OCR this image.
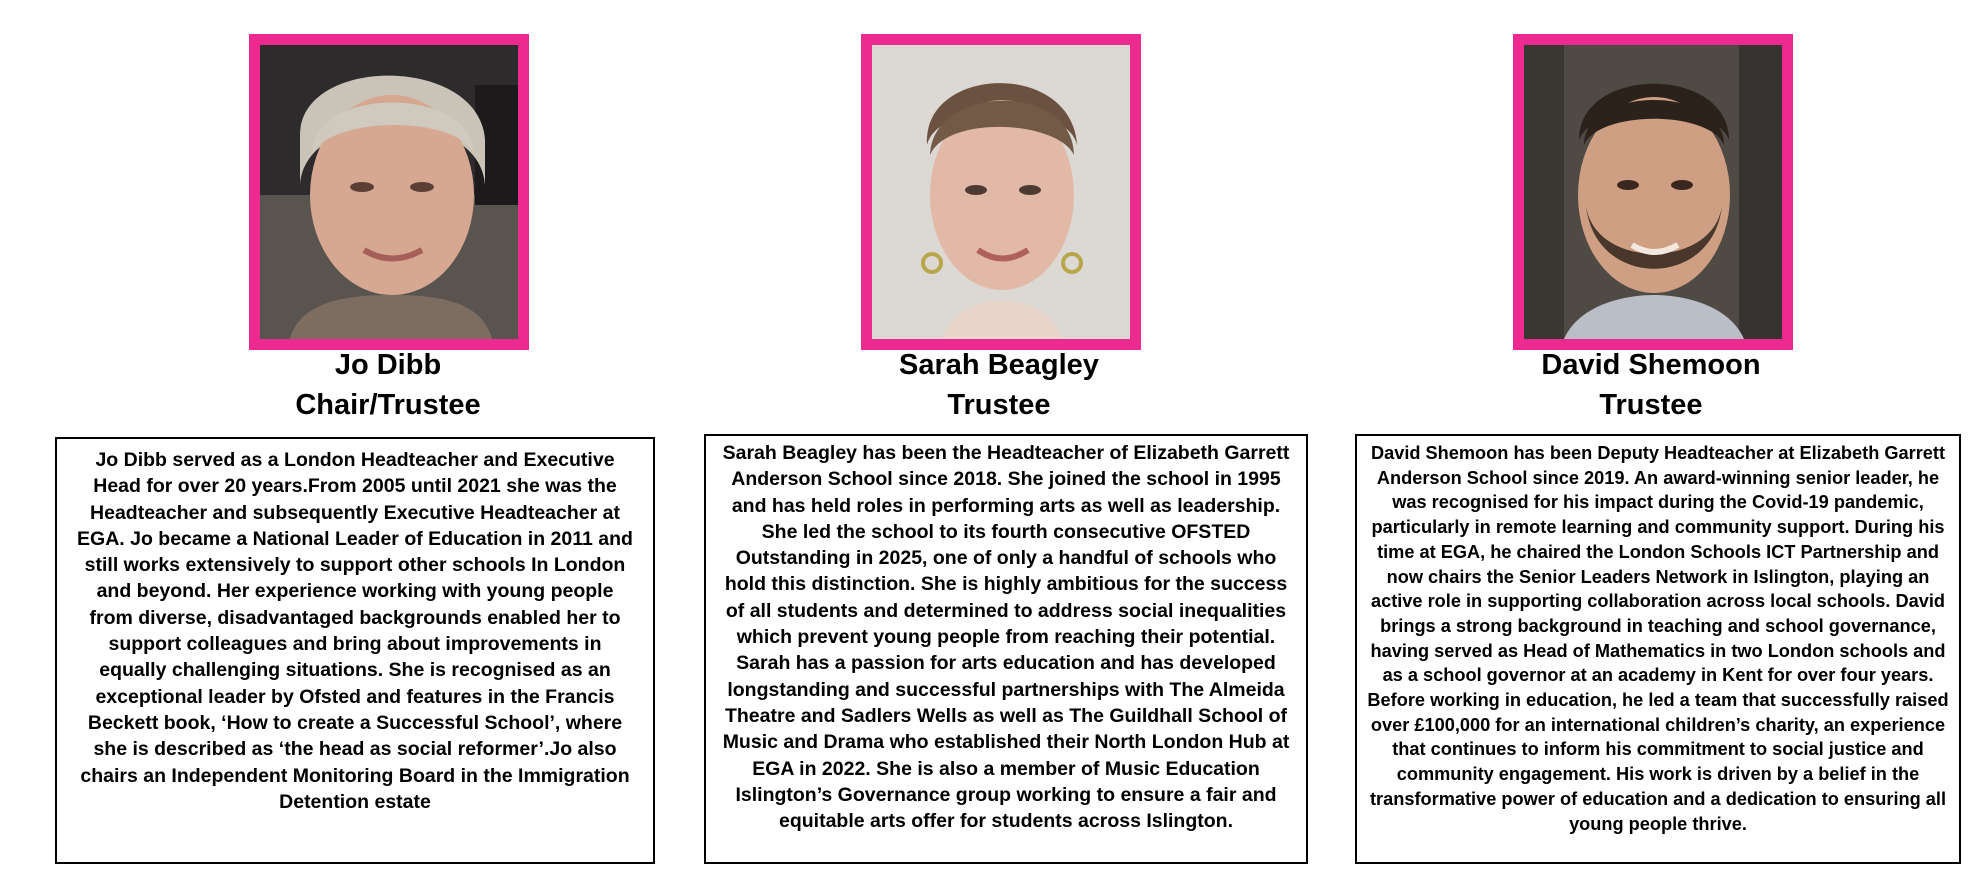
Jo Dibb
Chair/Trustee

Jo Dibb served as a London Headteacher and Executive Head for over 20 years.From 2005 until 2021 she was the Headteacher and subsequently Executive Headteacher at EGA. Jo became a National Leader of Education in 2011 and still works extensively to support other schools In London and beyond. Her experience working with young people from diverse, disadvantaged backgrounds enabled her to support colleagues and bring about improvements in equally challenging situations. She is recognised as an exceptional leader by Ofsted and features in the Francis Beckett book, ‘How to create a Successful School’, where she is described as ‘the head as social reformer’.Jo also chairs an Independent Monitoring Board in the Immigration Detention estate

Sarah Beagley
Trustee

Sarah Beagley has been the Headteacher of Elizabeth Garrett Anderson School since 2018. She joined the school in 1995 and has held roles in performing arts as well as leadership. She led the school to its fourth consecutive OFSTED Outstanding in 2025, one of only a handful of schools who hold this distinction. She is highly ambitious for the success of all students and determined to address social inequalities which prevent young people from reaching their potential. Sarah has a passion for arts education and has developed longstanding and successful partnerships with The Almeida Theatre and Sadlers Wells as well as The Guildhall School of Music and Drama who established their North London Hub at EGA in 2022. She is also a member of Music Education Islington’s Governance group working to ensure a fair and equitable arts offer for students across Islington.

David Shemoon
Trustee

David Shemoon has been Deputy Headteacher at Elizabeth Garrett Anderson School since 2019. An award-winning senior leader, he was recognised for his impact during the Covid-19 pandemic, particularly in remote learning and community support. During his time at EGA, he chaired the London Schools ICT Partnership and now chairs the Senior Leaders Network in Islington, playing an active role in supporting collaboration across local schools. David brings a strong background in teaching and school governance, having served as Head of Mathematics in two London schools and as a school governor at an academy in Kent for over four years. Before working in education, he led a team that successfully raised over £100,000 for an international children’s charity, an experience that continues to inform his commitment to social justice and community engagement. His work is driven by a belief in the transformative power of education and a dedication to ensuring all young people thrive.
